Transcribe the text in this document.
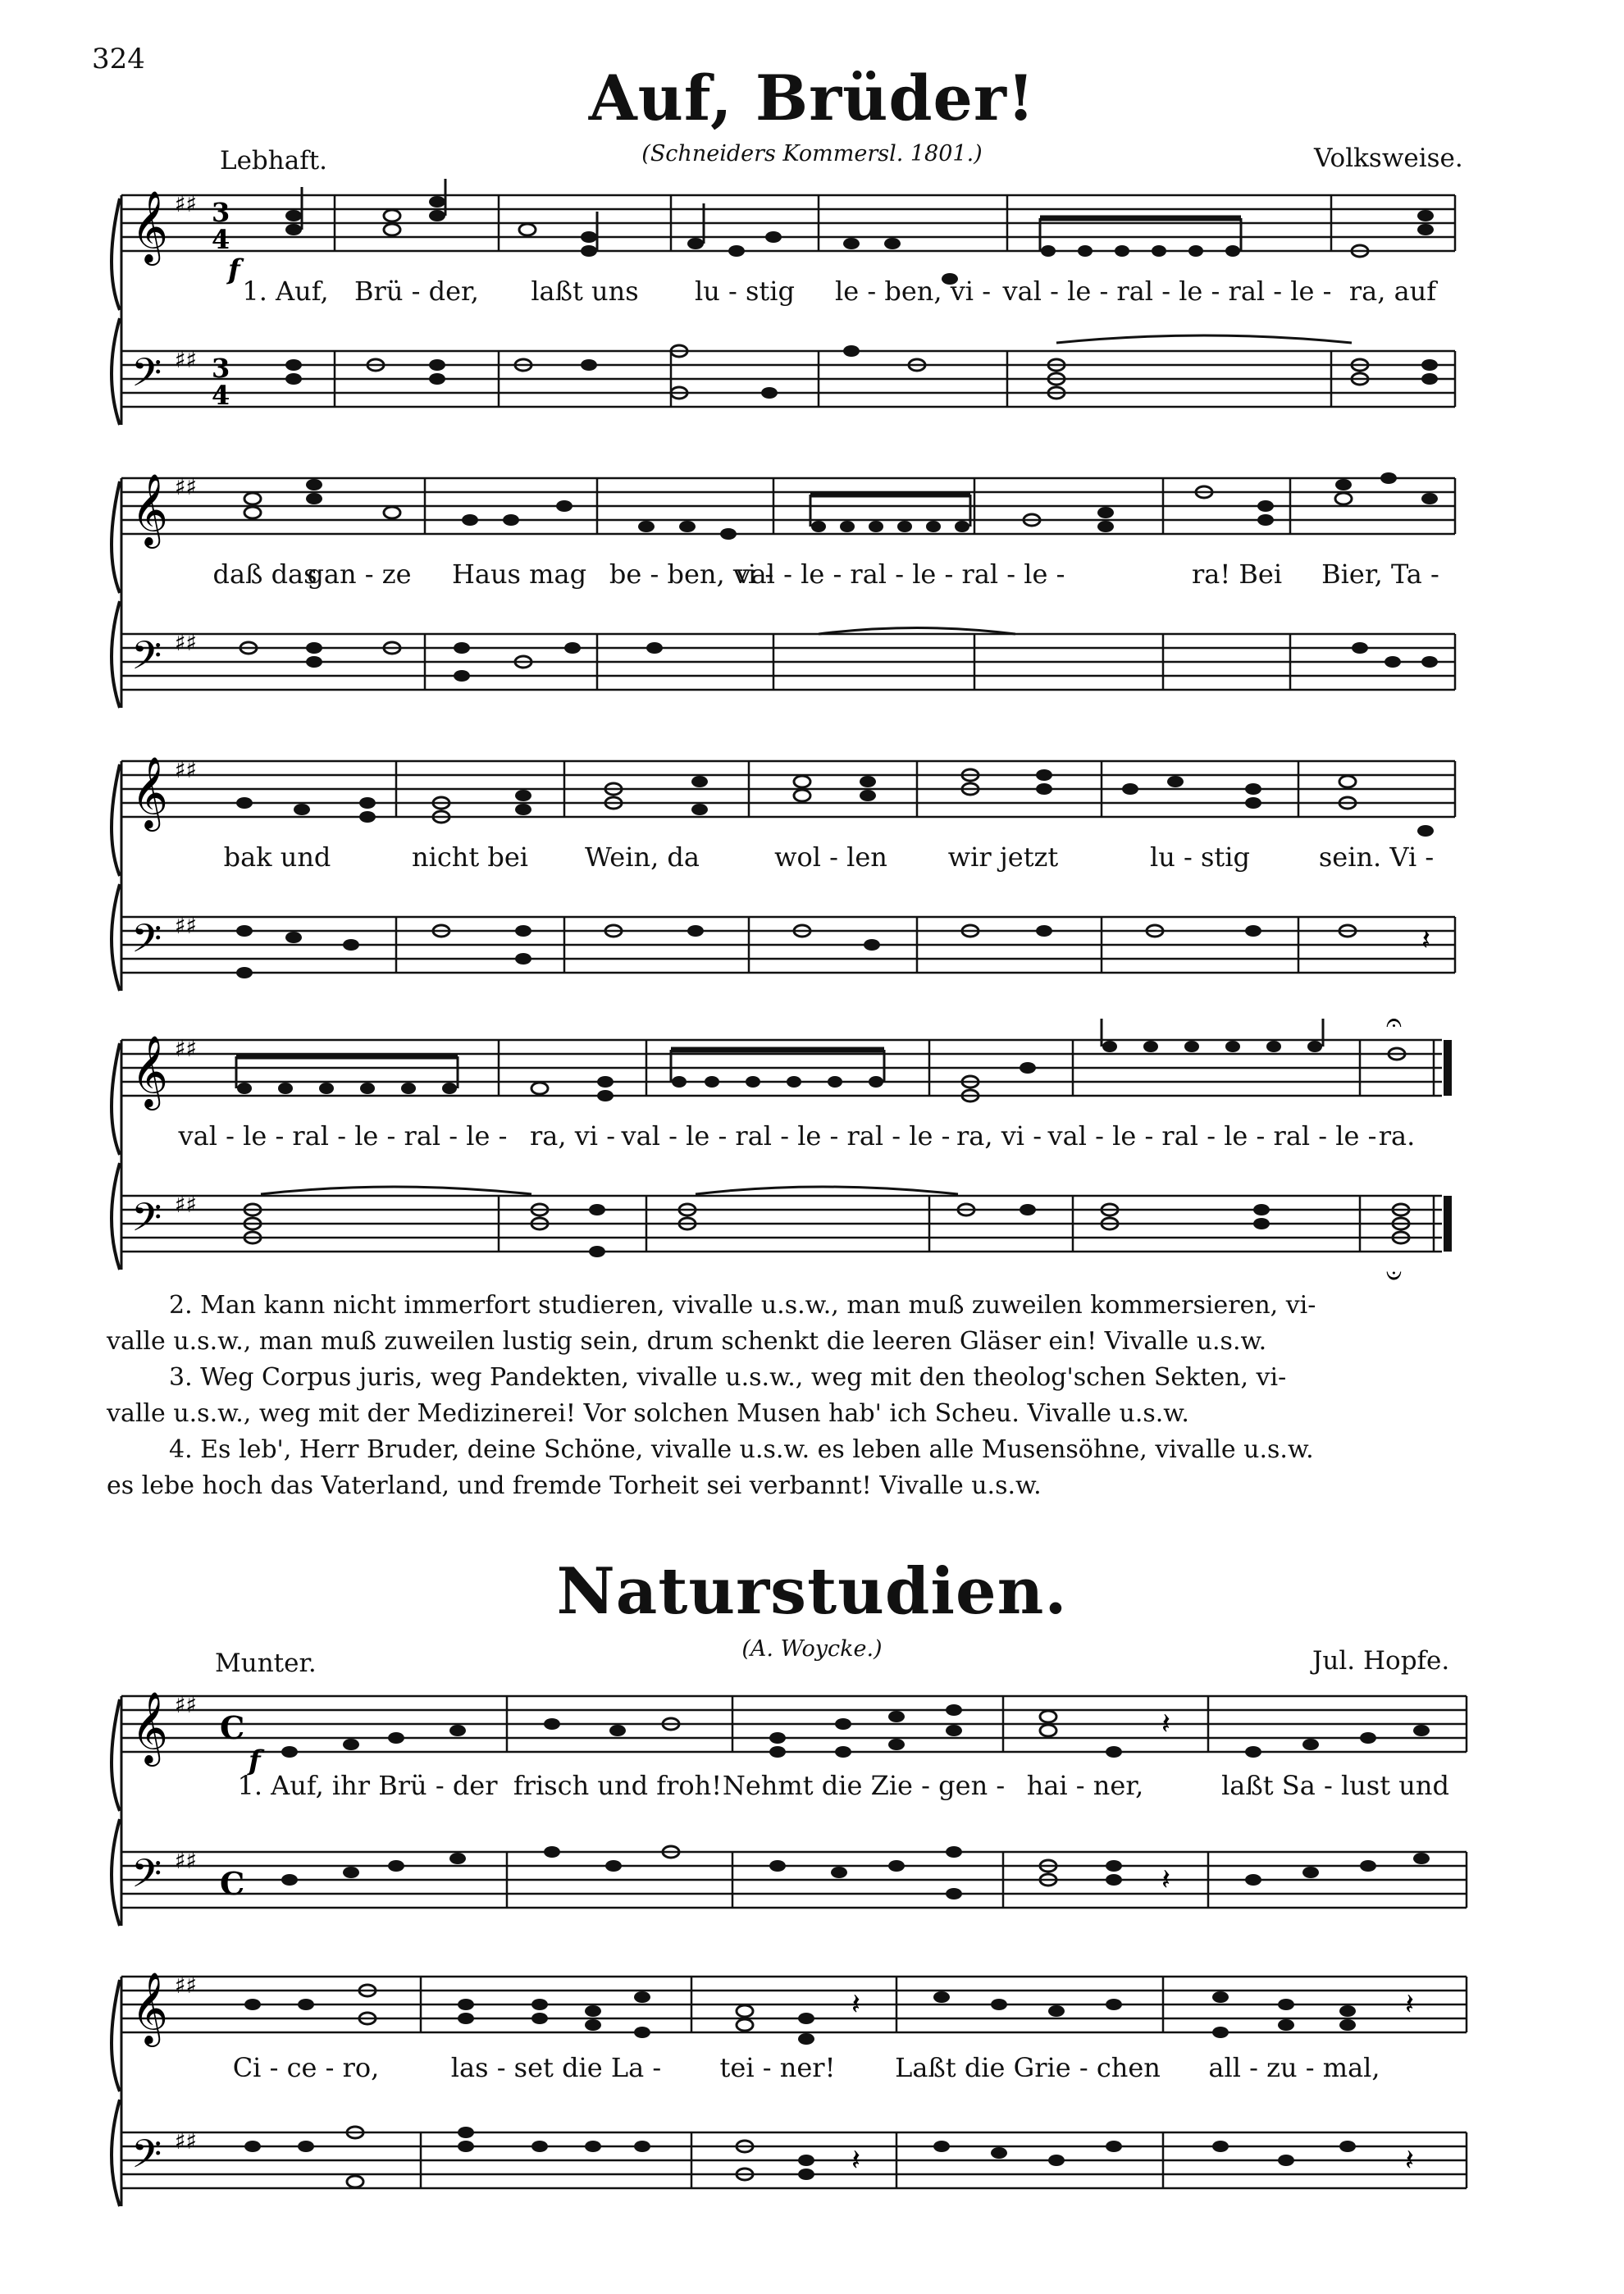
324
Auf, Brüder!
(Schneiders Kommersl. 1801.)
Lebhaft.	Volksweise.
𝄞
𝄢
♯♯
♯♯
3
4
3
4
f
1. Auf, Brü - der, laßt uns lu - stig le - ben, vi - val - le - ral - le - ral - le - ra, auf
𝄞
𝄢
♯♯
♯♯
daß das
gan - ze Haus mag be - ben, vi -
val - le - ral - le - ral - le -	ra! Bei Bier, Ta -
𝄞
𝄢
♯♯
♯♯	𝄽
bak und	nicht bei Wein, da	wol - len wir jetzt	lu - stig	sein. Vi -
𝄞
𝄢
♯♯
♯♯
𝄐
𝄑
val - le - ral - le - ral - le - ra, vi - val - le - ral - le - ral - le - ra, vi - val - le - ral - le - ral - le - ra.
2. Man kann nicht immerfort studieren, vivalle u.s.w., man muß zuweilen kommersieren, vi-
valle u.s.w., man muß zuweilen lustig sein, drum schenkt die leeren Gläser ein! Vivalle u.s.w.
3. Weg Corpus juris, weg Pandekten, vivalle u.s.w., weg mit den theolog'schen Sekten, vi-
valle u.s.w., weg mit der Medizinerei! Vor solchen Musen hab' ich Scheu. Vivalle u.s.w.
4. Es leb', Herr Bruder, deine Schöne, vivalle u.s.w. es leben alle Musensöhne, vivalle u.s.w.
es lebe hoch das Vaterland, und fremde Torheit sei verbannt! Vivalle u.s.w.
Naturstudien.
(A. Woycke.)
Munter.	Jul. Hopfe.
𝄞
𝄢
♯♯
♯♯
C
C
f
𝄽
𝄽
1. Auf, ihr Brü - der frisch und froh! Nehmt die Zie - gen - hai - ner,	laßt Sa - lust und
𝄞
𝄢
♯♯
♯♯
𝄽
𝄽
𝄽
𝄽
Ci - ce - ro,	las - set die La - tei - ner! Laßt die Grie - chen all - zu - mal,
